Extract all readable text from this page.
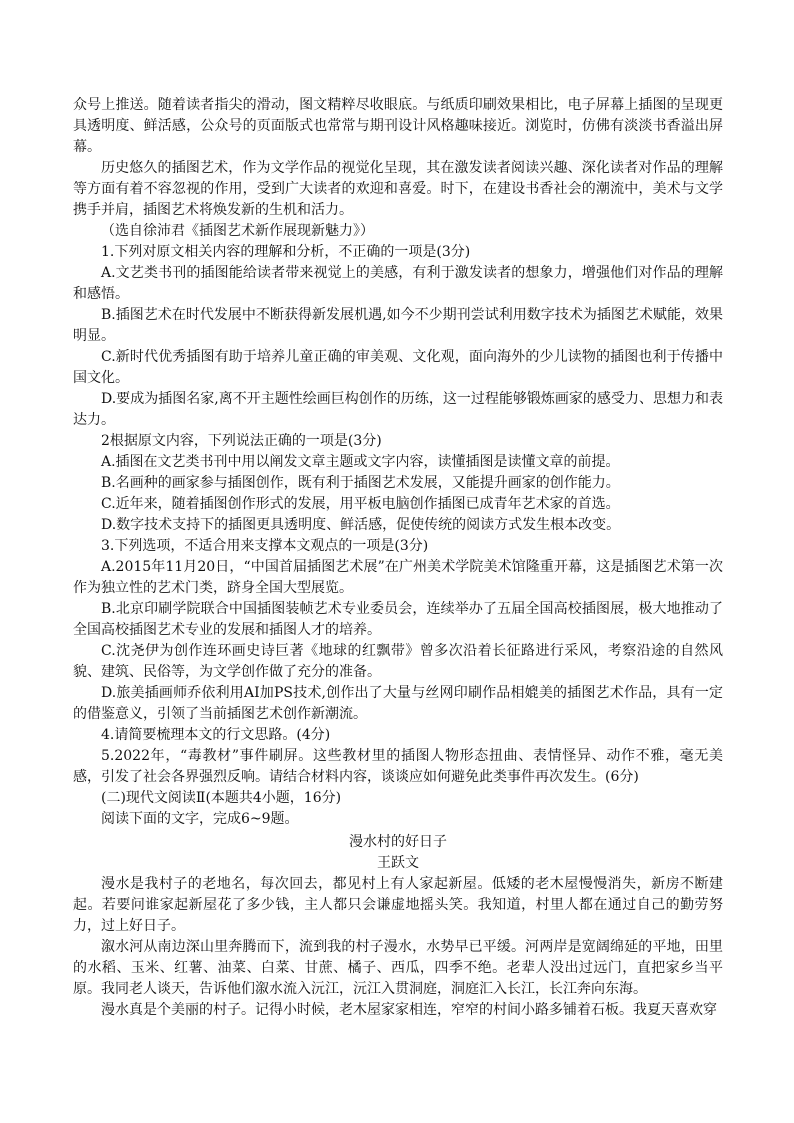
众号上推送。随着读者指尖的滑动，图文精粹尽收眼底。与纸质印刷效果相比，电子屏幕上插图的呈现更具透明度、鲜活感，公众号的页面版式也常常与期刊设计风格趣味接近。浏览时，仿佛有淡淡书香溢出屏幕。

历史悠久的插图艺术，作为文学作品的视觉化呈现，其在激发读者阅读兴趣、深化读者对作品的理解等方面有着不容忽视的作用，受到广大读者的欢迎和喜爱。时下，在建设书香社会的潮流中，美术与文学携手并肩，插图艺术将焕发新的生机和活力。

（选自徐沛君《插图艺术新作展现新魅力》）

1.下列对原文相关内容的理解和分析，不正确的一项是(3分)

A.文艺类书刊的插图能给读者带来视觉上的美感，有利于激发读者的想象力，增强他们对作品的理解和感悟。

B.插图艺术在时代发展中不断获得新发展机遇,如今不少期刊尝试利用数字技术为插图艺术赋能，效果明显。

C.新时代优秀插图有助于培养儿童正确的审美观、文化观，面向海外的少儿读物的插图也利于传播中国文化。

D.要成为插图名家,离不开主题性绘画巨构创作的历练，这一过程能够锻炼画家的感受力、思想力和表达力。

2根据原文内容，下列说法正确的一项是(3分)

A.插图在文艺类书刊中用以阐发文章主题或文字内容，读懂插图是读懂文章的前提。

B.名画种的画家参与插图创作，既有利于插图艺术发展，又能提升画家的创作能力。

C.近年来，随着插图创作形式的发展，用平板电脑创作插图已成青年艺术家的首选。

D.数字技术支持下的插图更具透明度、鲜活感，促使传统的阅读方式发生根本改变。

3.下列选项，不适合用来支撑本文观点的一项是(3分)

A.2015年11月20日，“中国首届插图艺术展”在广州美术学院美术馆隆重开幕，这是插图艺术第一次作为独立性的艺术门类，跻身全国大型展览。

B.北京印刷学院联合中国插图装帧艺术专业委员会，连续举办了五届全国高校插图展，极大地推动了全国高校插图艺术专业的发展和插图人才的培养。

C.沈尧伊为创作连环画史诗巨著《地球的红飘带》曾多次沿着长征路进行采风，考察沿途的自然风貌、建筑、民俗等，为文学创作做了充分的准备。

D.旅美插画师乔依利用AI加PS技术,创作出了大量与丝网印刷作品相媲美的插图艺术作品，具有一定的借鉴意义，引领了当前插图艺术创作新潮流。

4.请简要梳理本文的行文思路。(4分)

5.2022年，“毒教材”事件刷屏。这些教材里的插图人物形态扭曲、表情怪异、动作不雅，毫无美感，引发了社会各界强烈反响。请结合材料内容，谈谈应如何避免此类事件再次发生。(6分)

(二)现代文阅读Ⅱ(本题共4小题，16分)

阅读下面的文字，完成6~9题。

漫水村的好日子

王跃文

漫水是我村子的老地名，每次回去，都见村上有人家起新屋。低矮的老木屋慢慢消失，新房不断建起。若要问谁家起新屋花了多少钱，主人都只会谦虚地摇头笑。我知道，村里人都在通过自己的勤劳努力，过上好日子。

溆水河从南边深山里奔腾而下，流到我的村子漫水，水势早已平缓。河两岸是宽阔绵延的平地，田里的水稻、玉米、红薯、油菜、白菜、甘蔗、橘子、西瓜，四季不绝。老辈人没出过远门，直把家乡当平原。我同老人谈天，告诉他们溆水流入沅江，沅江入贯洞庭，洞庭汇入长江，长江奔向东海。

漫水真是个美丽的村子。记得小时候，老木屋家家相连，窄窄的村间小路多铺着石板。我夏天喜欢穿
